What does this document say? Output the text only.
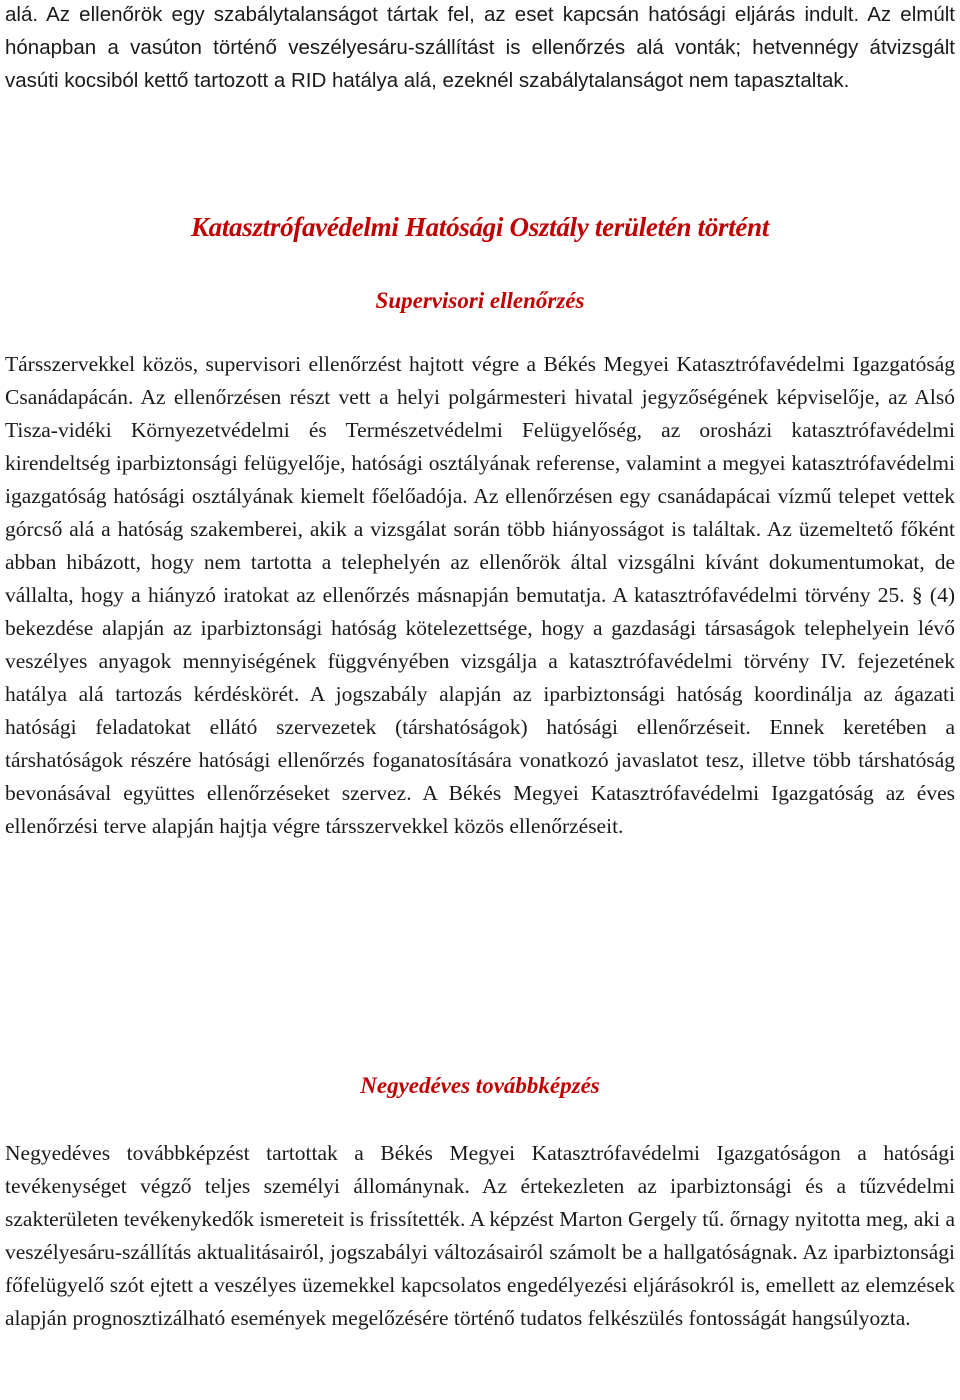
alá. Az ellenőrök egy szabálytalanságot tártak fel, az eset kapcsán hatósági eljárás indult. Az elmúlt hónapban a vasúton történő veszélyesáru-szállítást is ellenőrzés alá vonták; hetvennégy átvizsgált vasúti kocsiból kettő tartozott a RID hatálya alá, ezeknél szabálytalanságot nem tapasztaltak.

Katasztrófavédelmi Hatósági Osztály területén történt
Supervisori ellenőrzés

Társszervekkel közös, supervisori ellenőrzést hajtott végre a Békés Megyei Katasztrófavédelmi Igazgatóság Csanádapácán. Az ellenőrzésen részt vett a helyi polgármesteri hivatal jegyzőségének képviselője, az Alsó Tisza-vidéki Környezetvédelmi és Természetvédelmi Felügyelőség, az orosházi katasztrófavédelmi kirendeltség iparbiztonsági felügyelője, hatósági osztályának referense, valamint a megyei katasztrófavédelmi igazgatóság hatósági osztályának kiemelt főelőadója. Az ellenőrzésen egy csanádapácai vízmű telepet vettek górcső alá a hatóság szakemberei, akik a vizsgálat során több hiányosságot is találtak. Az üzemeltető főként abban hibázott, hogy nem tartotta a telephelyén az ellenőrök által vizsgálni kívánt dokumentumokat, de vállalta, hogy a hiányzó iratokat az ellenőrzés másnapján bemutatja. A katasztrófavédelmi törvény 25. § (4) bekezdése alapján az iparbiztonsági hatóság kötelezettsége, hogy a gazdasági társaságok telephelyein lévő veszélyes anyagok mennyiségének függvényében vizsgálja a katasztrófavédelmi törvény IV. fejezetének hatálya alá tartozás kérdéskörét. A jogszabály alapján az iparbiztonsági hatóság koordinálja az ágazati hatósági feladatokat ellátó szervezetek (társhatóságok) hatósági ellenőrzéseit. Ennek keretében a társhatóságok részére hatósági ellenőrzés foganatosítására vonatkozó javaslatot tesz, illetve több társhatóság bevonásával együttes ellenőrzéseket szervez. A Békés Megyei Katasztrófavédelmi Igazgatóság az éves ellenőrzési terve alapján hajtja végre társszervekkel közös ellenőrzéseit.

Negyedéves továbbképzés

Negyedéves továbbképzést tartottak a Békés Megyei Katasztrófavédelmi Igazgatóságon a hatósági tevékenységet végző teljes személyi állománynak. Az értekezleten az iparbiztonsági és a tűzvédelmi szakterületen tevékenykedők ismereteit is frissítették. A képzést Marton Gergely tű. őrnagy nyitotta meg, aki a veszélyesáru-szállítás aktualitásairól, jogszabályi változásairól számolt be a hallgatóságnak. Az iparbiztonsági főfelügyelő szót ejtett a veszélyes üzemekkel kapcsolatos engedélyezési eljárásokról is, emellett az elemzések alapján prognosztizálható események megelőzésére történő tudatos felkészülés fontosságát hangsúlyozta.
